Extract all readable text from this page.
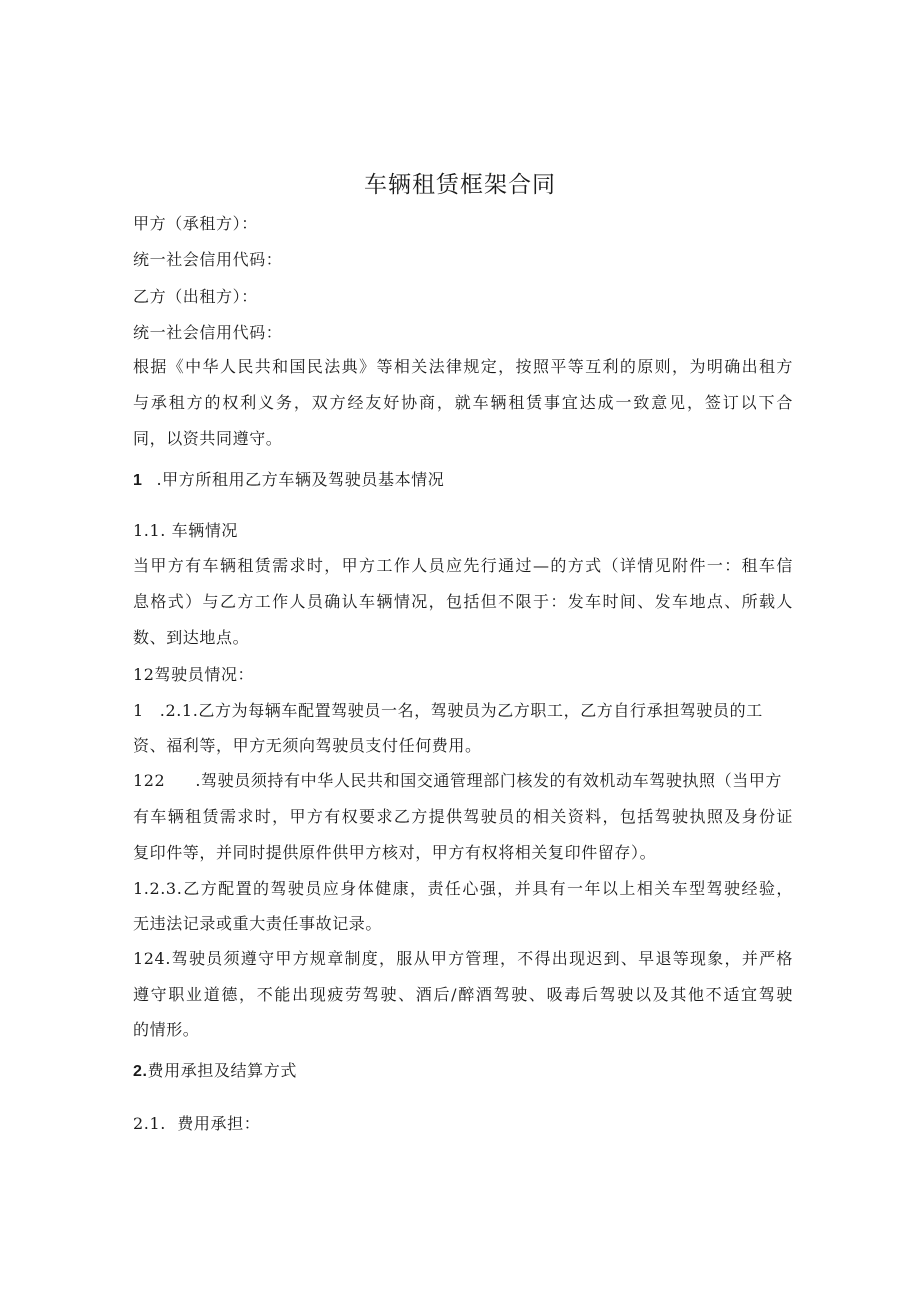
车辆租赁框架合同
甲方（承租方）：
统一社会信用代码：
乙方（出租方）：
统一社会信用代码：
根据《中华人民共和国民法典》等相关法律规定，按照平等互利的原则，为明确出租方
与承租方的权利义务，双方经友好协商，就车辆租赁事宜达成一致意见，签订以下合
同，以资共同遵守。
1 .甲方所租用乙方车辆及驾驶员基本情况
1.1. 车辆情况
当甲方有车辆租赁需求时，甲方工作人员应先行通过—的方式（详情见附件一：租车信
息格式）与乙方工作人员确认车辆情况，包括但不限于：发车时间、发车地点、所载人
数、到达地点。
12驾驶员情况：
1 .2.1.乙方为每辆车配置驾驶员一名，驾驶员为乙方职工，乙方自行承担驾驶员的工
资、福利等，甲方无须向驾驶员支付任何费用。
122 .驾驶员须持有中华人民共和国交通管理部门核发的有效机动车驾驶执照（当甲方
有车辆租赁需求时，甲方有权要求乙方提供驾驶员的相关资料，包括驾驶执照及身份证
复印件等，并同时提供原件供甲方核对，甲方有权将相关复印件留存）。
1.2.3.乙方配置的驾驶员应身体健康，责任心强，并具有一年以上相关车型驾驶经验，
无违法记录或重大责任事故记录。
124.驾驶员须遵守甲方规章制度，服从甲方管理，不得出现迟到、早退等现象，并严格
遵守职业道德，不能出现疲劳驾驶、酒后/醉酒驾驶、吸毒后驾驶以及其他不适宜驾驶
的情形。
2.费用承担及结算方式
2.1.  费用承担：
